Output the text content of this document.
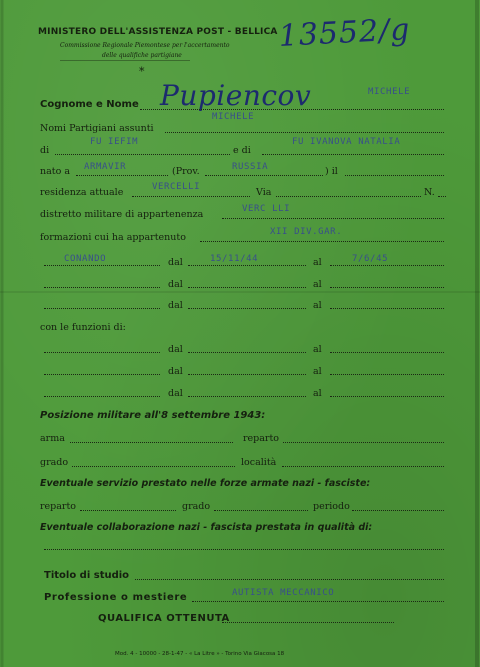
MINISTERO DELL'ASSISTENZA POST - BELLICA
Commissione Regionale Piemontese per l'accertamento
delle qualifiche partigiane
*
13552/g
Cognome e Nome Pupiencov	MICHELE
Nomi Partigiani assunti
MICHELE
di
FU IEFIM
e di
FU IVANOVA NATALIA
nato a ARMAVIR	(Prov.	RUSSIA	) il
residenza attuale	VERCELLI	Via	N.
distretto militare di appartenenza	VERC LLI
formazioni cui ha appartenuto	XII DIV.GAR.
CONANDO	dal	15/11/44	al	7/6/45
dal	al
dal	al
con le funzioni di:
dal	al
dal	al
dal	al
Posizione militare all'8 settembre 1943:
arma	reparto
grado	località
Eventuale servizio prestato nelle forze armate nazi - fasciste:
reparto	grado	periodo
Eventuale collaborazione nazi - fascista prestata in qualità di:
Titolo di studio
Professione o mestiere	AUTISTA MECCANICO
QUALIFICA OTTENUTA
Mod. 4 - 10000 - 28-1-47 - « La Litre » - Torino Via Giacosa 18
